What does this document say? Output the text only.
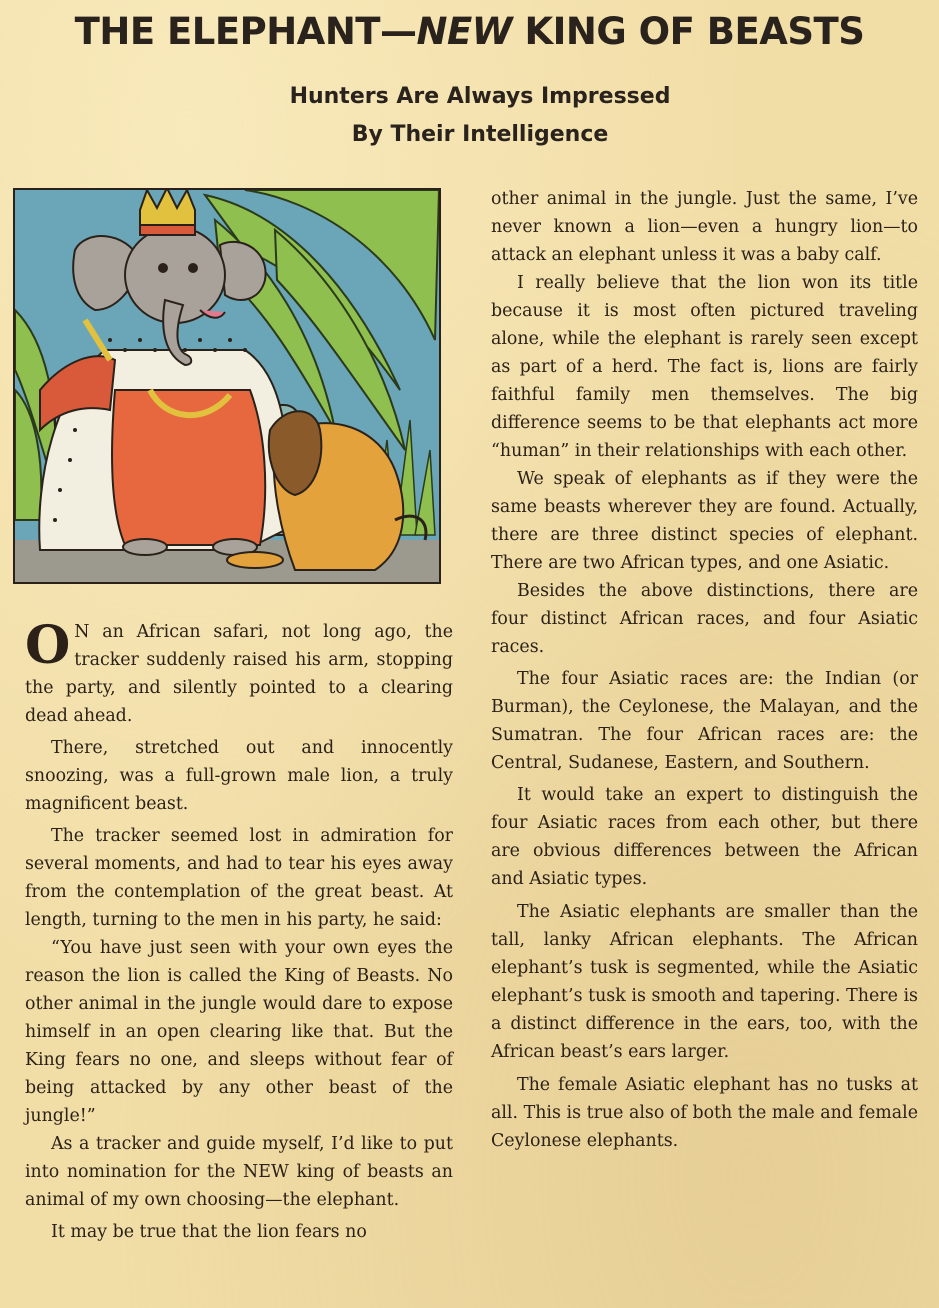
THE ELEPHANT—NEW KING OF BEASTS
Hunters Are Always Impressed
By Their Intelligence

O N an African safari, not long ago, the tracker suddenly raised his arm, stopping the party, and silently pointed to a clearing dead ahead.

There, stretched out and innocently snoozing, was a full-grown male lion, a truly magnificent beast.

The tracker seemed lost in admiration for several moments, and had to tear his eyes away from the contemplation of the great beast. At length, turning to the men in his party, he said:

“You have just seen with your own eyes the reason the lion is called the King of Beasts. No other animal in the jungle would dare to expose himself in an open clearing like that. But the King fears no one, and sleeps without fear of being attacked by any other beast of the jungle!”

As a tracker and guide myself, I’d like to put into nomination for the NEW king of beasts an animal of my own choosing—the elephant.

It may be true that the lion fears no

other animal in the jungle. Just the same, I’ve never known a lion—even a hungry lion—to attack an elephant unless it was a baby calf.

I really believe that the lion won its title because it is most often pictured traveling alone, while the elephant is rarely seen except as part of a herd. The fact is, lions are fairly faithful family men themselves. The big difference seems to be that elephants act more “human” in their relationships with each other.

We speak of elephants as if they were the same beasts wherever they are found. Actually, there are three distinct species of elephant. There are two African types, and one Asiatic.

Besides the above distinctions, there are four distinct African races, and four Asiatic races.

The four Asiatic races are: the Indian (or Burman), the Ceylonese, the Malayan, and the Sumatran. The four African races are: the Central, Sudanese, Eastern, and Southern.

It would take an expert to distinguish the four Asiatic races from each other, but there are obvious differences between the African and Asiatic types.

The Asiatic elephants are smaller than the tall, lanky African elephants. The African elephant’s tusk is segmented, while the Asiatic elephant’s tusk is smooth and tapering. There is a distinct difference in the ears, too, with the African beast’s ears larger.

The female Asiatic elephant has no tusks at all. This is true also of both the male and female Ceylonese elephants.
